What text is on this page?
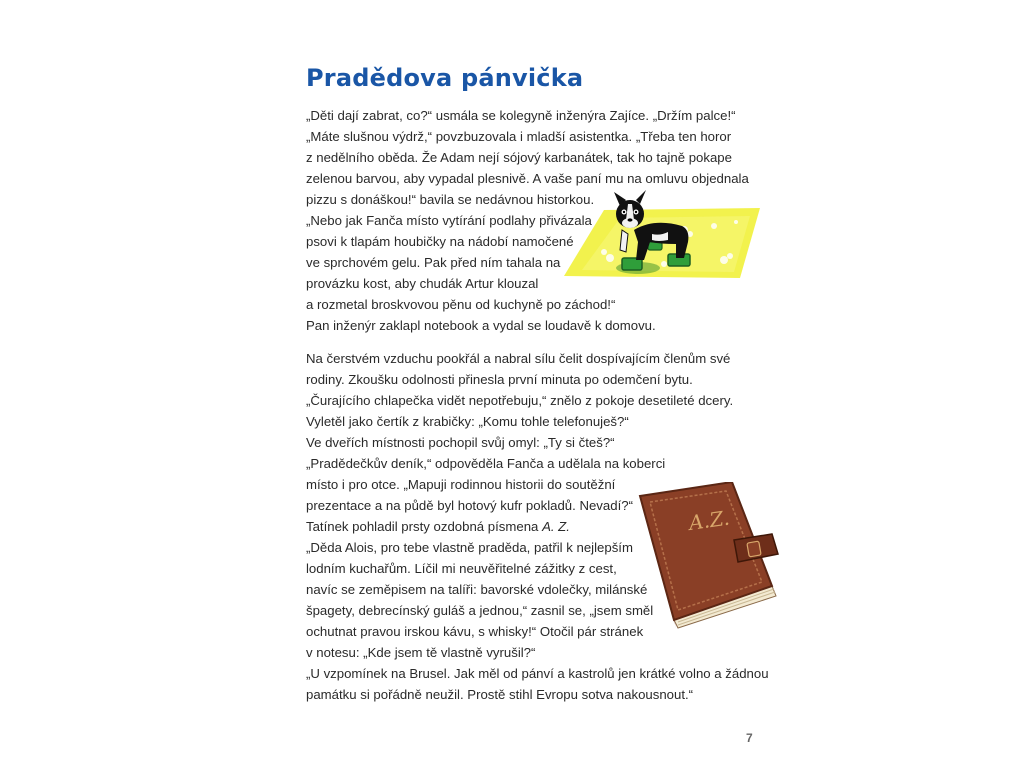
Pradědova pánvička
„Děti dají zabrat, co?“ usmála se kolegyně inženýra Zajíce. „Držím palce!“
„Máte slušnou výdrž,“ povzbuzovala i mladší asistentka. „Třeba ten horor
z nedělního oběda. Že Adam nejí sójový karbanátek, tak ho tajně pokape
zelenou barvou, aby vypadal plesnivě. A vaše paní mu na omluvu objednala
pizzu s donáškou!“ bavila se nedávnou historkou.
„Nebo jak Fanča místo vytírání podlahy přivázala
psovi k tlapám houbičky na nádobí namočené
ve sprchovém gelu. Pak před ním tahala na
provázku kost, aby chudák Artur klouzal
a rozmetal broskvovou pěnu od kuchyně po záchod!“
Pan inženýr zaklapl notebook a vydal se loudavě k domovu.
Na čerstvém vzduchu pookřál a nabral sílu čelit dospívajícím členům své
rodiny. Zkoušku odolnosti přinesla první minuta po odemčení bytu.
„Čurajícího chlapečka vidět nepotřebuju,“ znělo z pokoje desetileté dcery.
Vyletěl jako čertík z krabičky: „Komu tohle telefonuješ?“
Ve dveřích místnosti pochopil svůj omyl: „Ty si čteš?“
„Pradědečkův deník,“ odpověděla Fanča a udělala na koberci
místo i pro otce. „Mapuji rodinnou historii do soutěžní
prezentace a na půdě byl hotový kufr pokladů. Nevadí?“
Tatínek pohladil prsty ozdobná písmena A. Z.
„Děda Alois, pro tebe vlastně praděda, patřil k nejlepším
lodním kuchařům. Líčil mi neuvěřitelné zážitky z cest,
navíc se zeměpisem na talíři: bavorské vdolečky, milánské
špagety, debrecínský guláš a jednou,“ zasnil se, „jsem směl
ochutnat pravou irskou kávu, s whisky!“ Otočil pár stránek
v notesu: „Kde jsem tě vlastně vyrušil?“
„U vzpomínek na Brusel. Jak měl od pánví a kastrolů jen krátké volno a žádnou
památku si pořádně neužil. Prostě stihl Evropu sotva nakousnout.“
A.Z.
7
